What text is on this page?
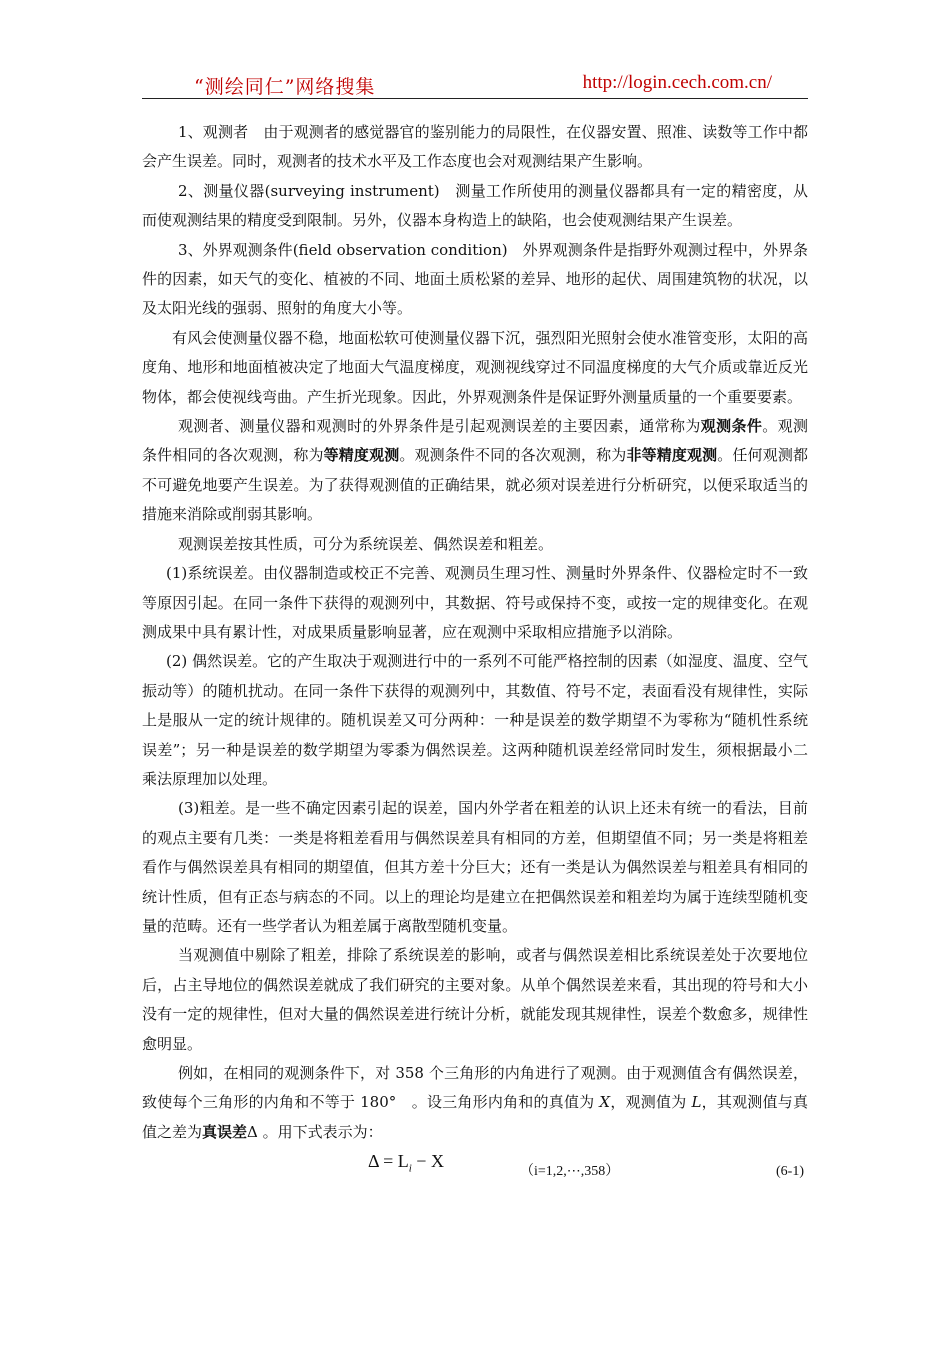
“测绘同仁”网络搜集	http://login.cech.com.cn/

1、观测者　由于观测者的感觉器官的鉴别能力的局限性，在仪器安置、照准、读数等工作中都会产生误差。同时，观测者的技术水平及工作态度也会对观测结果产生影响。

2、测量仪器(surveying instrument)　测量工作所使用的测量仪器都具有一定的精密度，从而使观测结果的精度受到限制。另外，仪器本身构造上的缺陷，也会使观测结果产生误差。

3、外界观测条件(field observation condition)　外界观测条件是指野外观测过程中，外界条件的因素，如天气的变化、植被的不同、地面土质松紧的差异、地形的起伏、周围建筑物的状况，以及太阳光线的强弱、照射的角度大小等。

有风会使测量仪器不稳，地面松软可使测量仪器下沉，强烈阳光照射会使水准管变形，太阳的高度角、地形和地面植被决定了地面大气温度梯度，观测视线穿过不同温度梯度的大气介质或靠近反光物体，都会使视线弯曲。产生折光现象。因此，外界观测条件是保证野外测量质量的一个重要要素。

观测者、测量仪器和观测时的外界条件是引起观测误差的主要因素，通常称为观测条件。观测条件相同的各次观测，称为等精度观测。观测条件不同的各次观测，称为非等精度观测。任何观测都不可避免地要产生误差。为了获得观测值的正确结果，就必须对误差进行分析研究，以便采取适当的措施来消除或削弱其影响。

观测误差按其性质，可分为系统误差、偶然误差和粗差。

(1)系统误差。由仪器制造或校正不完善、观测员生理习性、测量时外界条件、仪器检定时不一致等原因引起。在同一条件下获得的观测列中，其数据、符号或保持不变，或按一定的规律变化。在观测成果中具有累计性，对成果质量影响显著，应在观测中采取相应措施予以消除。

(2) 偶然误差。它的产生取决于观测进行中的一系列不可能严格控制的因素（如湿度、温度、空气振动等）的随机扰动。在同一条件下获得的观测列中，其数值、符号不定，表面看没有规律性，实际上是服从一定的统计规律的。随机误差又可分两种：一种是误差的数学期望不为零称为“随机性系统误差”；另一种是误差的数学期望为零黍为偶然误差。这两种随机误差经常同时发生，须根据最小二乘法原理加以处理。

(3)粗差。是一些不确定因素引起的误差，国内外学者在粗差的认识上还未有统一的看法，目前的观点主要有几类：一类是将粗差看用与偶然误差具有相同的方差，但期望值不同；另一类是将粗差看作与偶然误差具有相同的期望值，但其方差十分巨大；还有一类是认为偶然误差与粗差具有相同的统计性质，但有正态与病态的不同。以上的理论均是建立在把偶然误差和粗差均为属于连续型随机变量的范畴。还有一些学者认为粗差属于离散型随机变量。

当观测值中剔除了粗差，排除了系统误差的影响，或者与偶然误差相比系统误差处于次要地位后，占主导地位的偶然误差就成了我们研究的主要对象。从单个偶然误差来看，其出现的符号和大小没有一定的规律性，但对大量的偶然误差进行统计分析，就能发现其规律性，误差个数愈多，规律性愈明显。

例如，在相同的观测条件下，对 358 个三角形的内角进行了观测。由于观测值含有偶然误差，致使每个三角形的内角和不等于 180°　。设三角形内角和的真值为 X，观测值为 L，其观测值与真值之差为真误差Δ 。用下式表示为：

$\Delta = L_i - X$
（i=1,2,⋯,358）	(6-1)
